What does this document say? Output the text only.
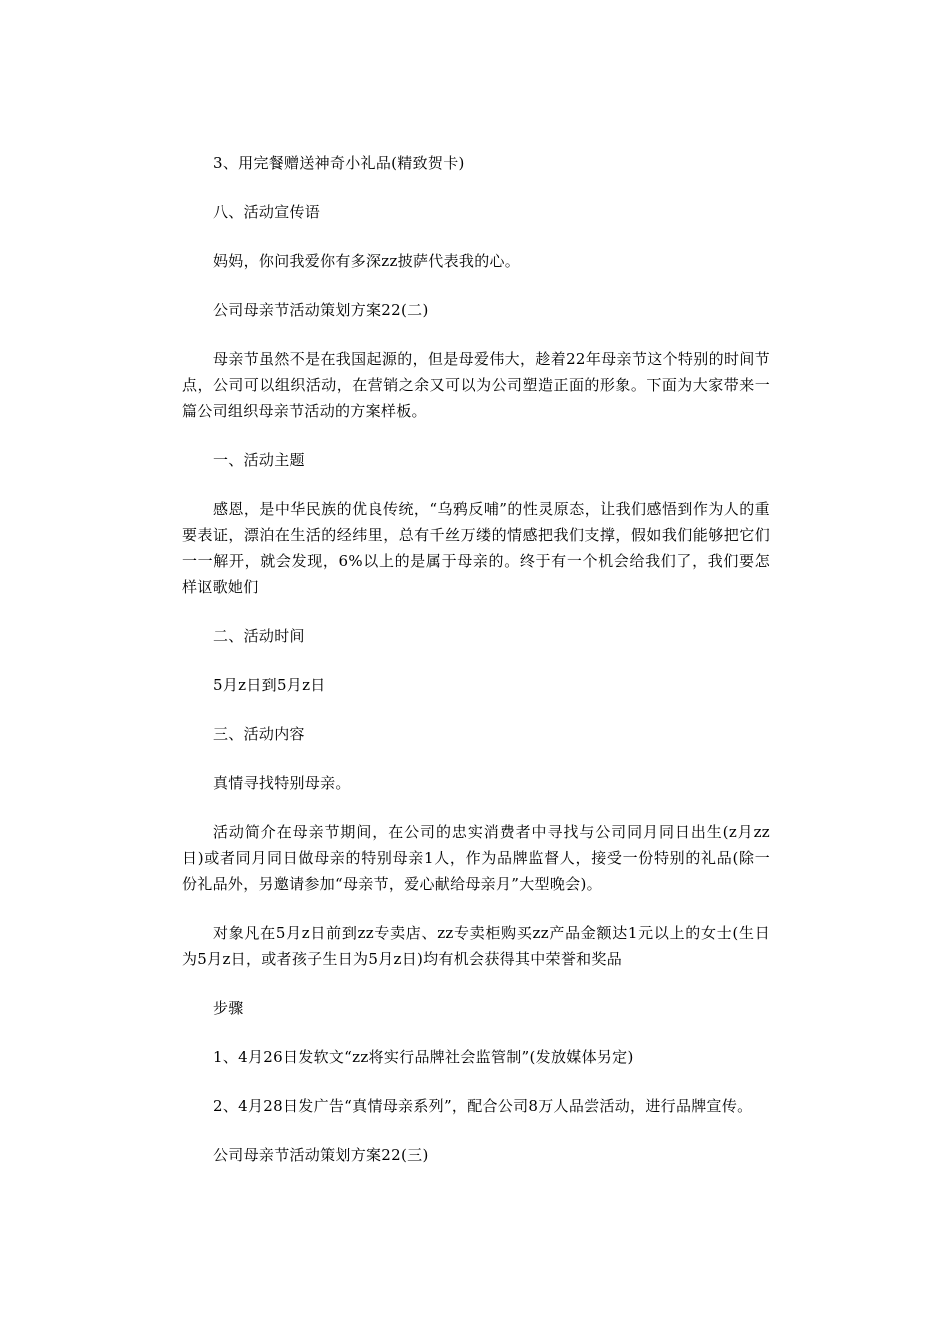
3、用完餐赠送神奇小礼品(精致贺卡)

八、活动宣传语

妈妈，你问我爱你有多深zz披萨代表我的心。

公司母亲节活动策划方案22(二)

母亲节虽然不是在我国起源的，但是母爱伟大，趁着22年母亲节这个特别的时间节点，公司可以组织活动，在营销之余又可以为公司塑造正面的形象。下面为大家带来一篇公司组织母亲节活动的方案样板。

一、活动主题

感恩，是中华民族的优良传统，“乌鸦反哺”的性灵原态，让我们感悟到作为人的重要表证，漂泊在生活的经纬里，总有千丝万缕的情感把我们支撑，假如我们能够把它们一一解开，就会发现，6%以上的是属于母亲的。终于有一个机会给我们了，我们要怎样讴歌她们

二、活动时间

5月z日到5月z日

三、活动内容

真情寻找特别母亲。

活动简介在母亲节期间，在公司的忠实消费者中寻找与公司同月同日出生(z月zz日)或者同月同日做母亲的特别母亲1人，作为品牌监督人，接受一份特别的礼品(除一份礼品外，另邀请参加“母亲节，爱心献给母亲月”大型晚会)。

对象凡在5月z日前到zz专卖店、zz专卖柜购买zz产品金额达1元以上的女士(生日为5月z日，或者孩子生日为5月z日)均有机会获得其中荣誉和奖品

步骤

1、4月26日发软文“zz将实行品牌社会监管制”(发放媒体另定)

2、4月28日发广告“真情母亲系列”，配合公司8万人品尝活动，进行品牌宣传。

公司母亲节活动策划方案22(三)
